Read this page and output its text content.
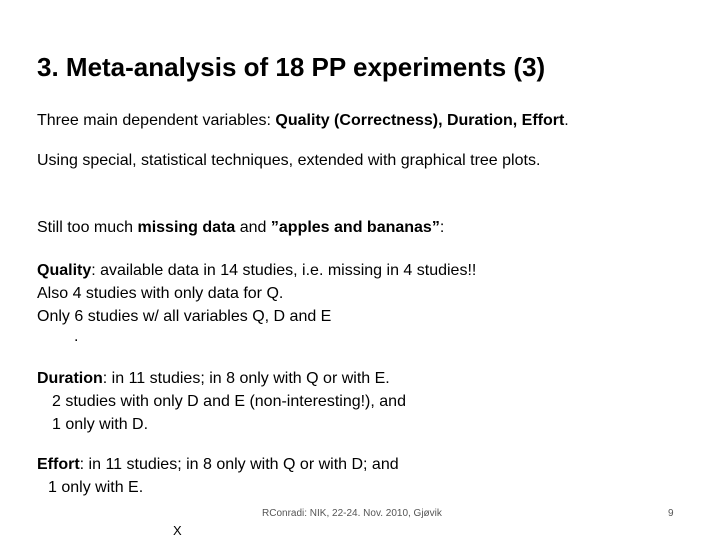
3. Meta-analysis of 18 PP experiments (3)
Three main dependent variables: Quality (Correctness), Duration, Effort.
Using special, statistical techniques, extended with graphical tree plots.
Still too much missing data and ”apples and bananas”:
Quality: available data in 14 studies, i.e. missing in 4 studies!!
Also 4 studies with only data for Q.
Only 6 studies w/ all variables Q, D and E
.
Duration: in 11 studies; in 8 only with Q or with E.
2 studies with only D and E (non-interesting!), and
1 only with D.
Effort: in 11 studies; in 8 only with Q or with D; and
1 only with E.
RConradi: NIK, 22-24. Nov. 2010, Gjøvik	9
X
